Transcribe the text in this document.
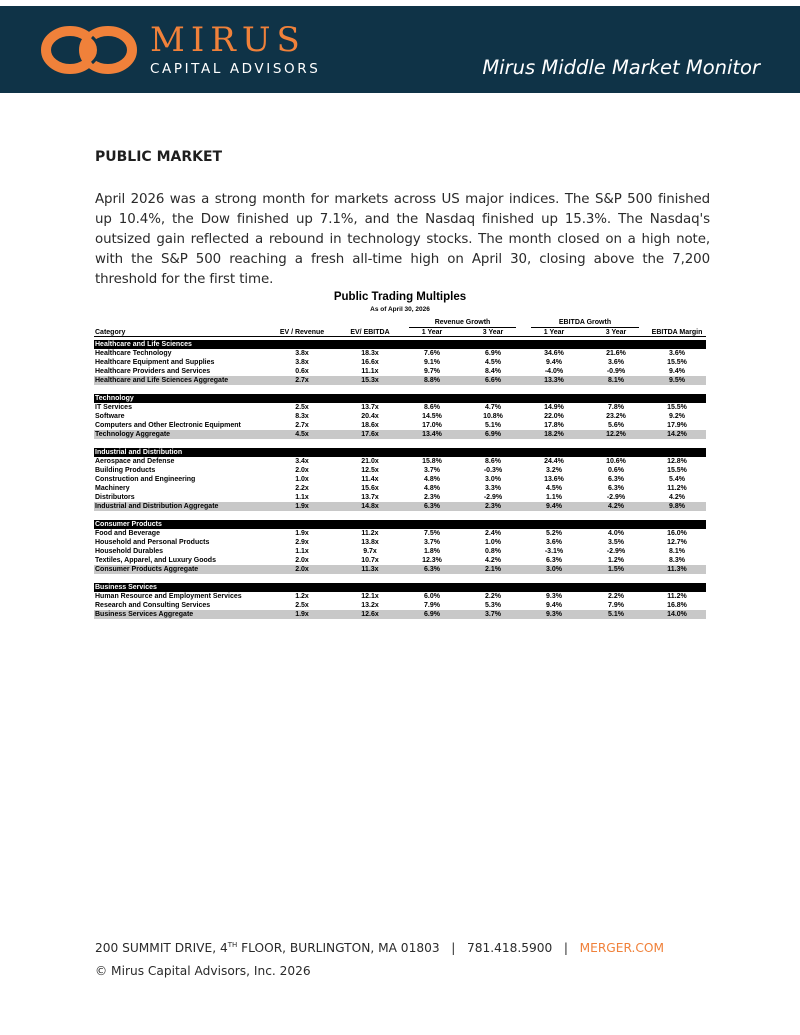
MIRUS
CAPITAL ADVISORS	Mirus Middle Market Monitor
PUBLIC MARKET
April 2026 was a strong month for markets across US major indices. The S&P 500 finished up 10.4%, the Dow finished up 7.1%, and the Nasdaq finished up 15.3%. The Nasdaq's outsized gain reflected a rebound in technology stocks. The month closed on a high note, with the S&P 500 reaching a fresh all-time high on April 30, closing above the 7,200 threshold for the first time.
Public Trading Multiples
As of April 30, 2026
Revenue Growth	EBITDA Growth
Category	EV / Revenue	EV/ EBITDA	1 Year	3 Year	1 Year	3 Year	EBITDA Margin
Healthcare and Life Sciences
Healthcare Technology	3.8x	18.3x	7.6%	6.9%	34.6%	21.6%	3.6%
Healthcare Equipment and Supplies	3.8x	16.6x	9.1%	4.5%	9.4%	3.6%	15.5%
Healthcare Providers and Services	0.6x	11.1x	9.7%	8.4%	-4.0%	-0.9%	9.4%
Healthcare and Life Sciences Aggregate	2.7x	15.3x	8.8%	6.6%	13.3%	8.1%	9.5%
Technology
IT Services	2.5x	13.7x	8.6%	4.7%	14.9%	7.8%	15.5%
Software	8.3x	20.4x	14.5%	10.8%	22.0%	23.2%	9.2%
Computers and Other Electronic Equipment	2.7x	18.6x	17.0%	5.1%	17.8%	5.6%	17.9%
Technology Aggregate	4.5x	17.6x	13.4%	6.9%	18.2%	12.2%	14.2%
Industrial and Distribution
Aerospace and Defense	3.4x	21.0x	15.8%	8.6%	24.4%	10.6%	12.8%
Building Products	2.0x	12.5x	3.7%	-0.3%	3.2%	0.6%	15.5%
Construction and Engineering	1.0x	11.4x	4.8%	3.0%	13.6%	6.3%	5.4%
Machinery	2.2x	15.6x	4.8%	3.3%	4.5%	6.3%	11.2%
Distributors	1.1x	13.7x	2.3%	-2.9%	1.1%	-2.9%	4.2%
Industrial and Distribution Aggregate	1.9x	14.8x	6.3%	2.3%	9.4%	4.2%	9.8%
Consumer Products
Food and Beverage	1.9x	11.2x	7.5%	2.4%	5.2%	4.0%	16.0%
Household and Personal Products	2.9x	13.8x	3.7%	1.0%	3.6%	3.5%	12.7%
Household Durables	1.1x	9.7x	1.8%	0.8%	-3.1%	-2.9%	8.1%
Textiles, Apparel, and Luxury Goods	2.0x	10.7x	12.3%	4.2%	6.3%	1.2%	8.3%
Consumer Products Aggregate	2.0x	11.3x	6.3%	2.1%	3.0%	1.5%	11.3%
Business Services
Human Resource and Employment Services	1.2x	12.1x	6.0%	2.2%	9.3%	2.2%	11.2%
Research and Consulting Services	2.5x	13.2x	7.9%	5.3%	9.4%	7.9%	16.8%
Business Services Aggregate	1.9x	12.6x	6.9%	3.7%	9.3%	5.1%	14.0%
200 SUMMIT DRIVE, 4TH FLOOR, BURLINGTON, MA 01803 | 781.418.5900 | MERGER.COM
© Mirus Capital Advisors, Inc. 2026
